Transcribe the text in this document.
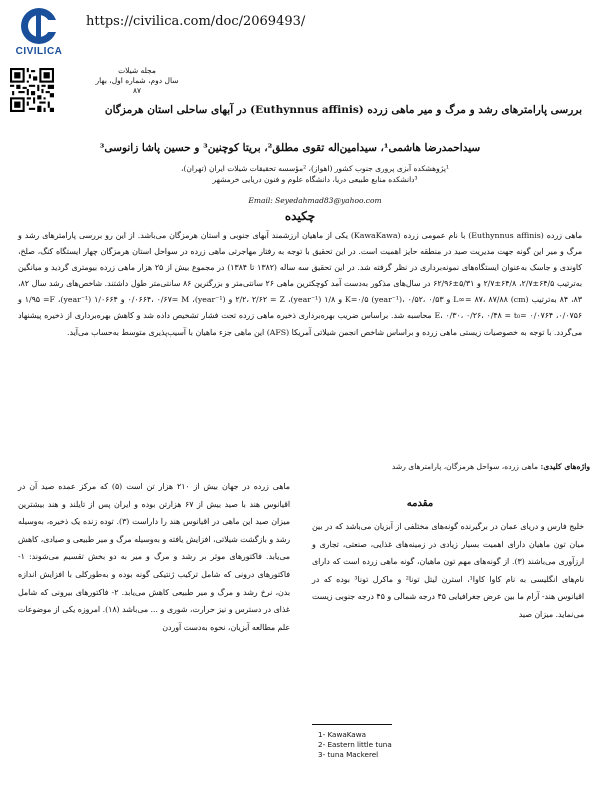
CIVILICA
https://civilica.com/doc/2069493/
مجله شیلات
سال دوم، شماره اول، بهار ۸۷
بررسی پارامترهای رشد و مرگ و میر ماهی زرده (Euthynnus affinis) در آبهای ساحلی استان هرمزگان
سیداحمدرضا هاشمی¹، سیدامین‌اله تقوی مطلق²، بریتا کوچنین³ و حسین پاشا زانوسی³
¹پژوهشکده آبزی پروری جنوب کشور (اهواز)، ²مؤسسه تحقیقات شیلات ایران (تهران)،
³دانشکده منابع طبیعی دریا، دانشگاه علوم و فنون دریایی خرمشهر
Email: Seyedahmad83@yahoo.com
چکیده

ماهی زرده (Euthynnus affinis) با نام عمومی زرده (KawaKawa) یکی از ماهیان ارزشمند آبهای جنوبی و استان هرمزگان می‌باشد. از این رو بررسی پارامترهای رشد و مرگ و میر این گونه جهت مدیریت صید در منطقه حایز اهمیت است. در این تحقیق با توجه به رفتار مهاجرتی ماهی زرده در سواحل استان هرمزگان چهار ایستگاه کنگ، صلخ، کاوندی و جاسک به‌عنوان ایستگاه‌های نمونه‌برداری در نظر گرفته شد. در این تحقیق سه ساله (۱۳۸۲ تا ۱۳۸۴) در مجموع بیش از ۲۵ هزار ماهی زرده بیومتری گردید و میانگین به‌ترتیب ۶۴/۵±۲/۷، ۶۴/۸±۲/۷ و ۵/۳۱±۶۲/۹۶ در سال‌های مذکور به‌دست آمد کوچکترین ماهی ۲۶ سانتی‌متر و بزرگترین ۸۶ سانتی‌متر طول داشتند. شاخص‌های رشد سال ۸۲، ۸۳، ۸۴ به‌ترتیب L∞= ۸۷، ۸۷/۸۸ (cm) و K=۰/۵ (year⁻¹)، ۰/۵۲، ۰/۵۳ و ۱/۸ (year⁻¹)، ۲/۲، ۲/۶۲ = Z و (year⁻¹)، ۰/۰۶۶۴، ۰/۶۷= M و ۱/۰۶۶۴ (year⁻¹)، ۱/۹۵ =F و ۰/۰۷۵۶، ۰/۰۷۶۴ =E، ۰/۳۰، ۰/۲۶، ۰/۴۸ = t₀ محاسبه شد. براساس ضریب بهره‌برداری ذخیره ماهی زرده تحت فشار تشخیص داده شد و کاهش بهره‌برداری از ذخیره پیشنهاد می‌گردد. با توجه به خصوصیات زیستی ماهی زرده و براساس شاخص انجمن شیلاتی آمریکا (AFS) این ماهی جزء ماهیان با آسیب‌پذیری متوسط به‌حساب می‌آید.

واژه‌های کلیدی: ماهی زرده، سواحل هرمزگان، پارامترهای رشد
مقدمه

خلیج فارس و دریای عمان در برگیرنده گونه‌های مختلفی از آبزیان می‌باشد که در بین میان تون ماهیان دارای اهمیت بسیار زیادی در زمینه‌های غذایی، صنعتی، تجاری و ارزآوری می‌باشند (۳). از گونه‌های مهم تون ماهیان، گونه ماهی زرده است که دارای نام‌های انگلیسی به نام کاوا کاوا¹، استرن لیتل تونا² و ماکرل تونا³ بوده که در اقیانوس هند- آرام ما بین عرض جغرافیایی ۴۵ درجه شمالی و ۴۵ درجه جنوبی زیست می‌نماید. میزان صید

ماهی زرده در جهان بیش از ۲۱۰ هزار تن است (۵) که مرکز عمده صید آن در اقیانوس هند با صید بیش از ۶۷ هزارتن بوده و ایران پس از تایلند و هند بیشترین میزان صید این ماهی در اقیانوس هند را داراست (۳). توده زنده یک ذخیره، به‌وسیله رشد و بازگشت شیلاتی، افزایش یافته و به‌وسیله مرگ و میر طبیعی و صیادی، کاهش می‌یابد. فاکتورهای موثر بر رشد و مرگ و میر به دو بخش تقسیم می‌شوند: ۱- فاکتورهای درونی که شامل ترکیب ژنتیکی گونه بوده و به‌طورکلی با افزایش اندازه بدن، نرخ رشد و مرگ و میر طبیعی کاهش می‌یابد. ۲- فاکتورهای بیرونی که شامل غذای در دسترس و نیز حرارت، شوری و ... می‌باشد (۱۸). امروزه یکی از موضوعات علم مطالعه آبزیان، نحوه به‌دست آوردن

1- KawaKawa
2- Eastern little tuna
3- tuna Mackerel
